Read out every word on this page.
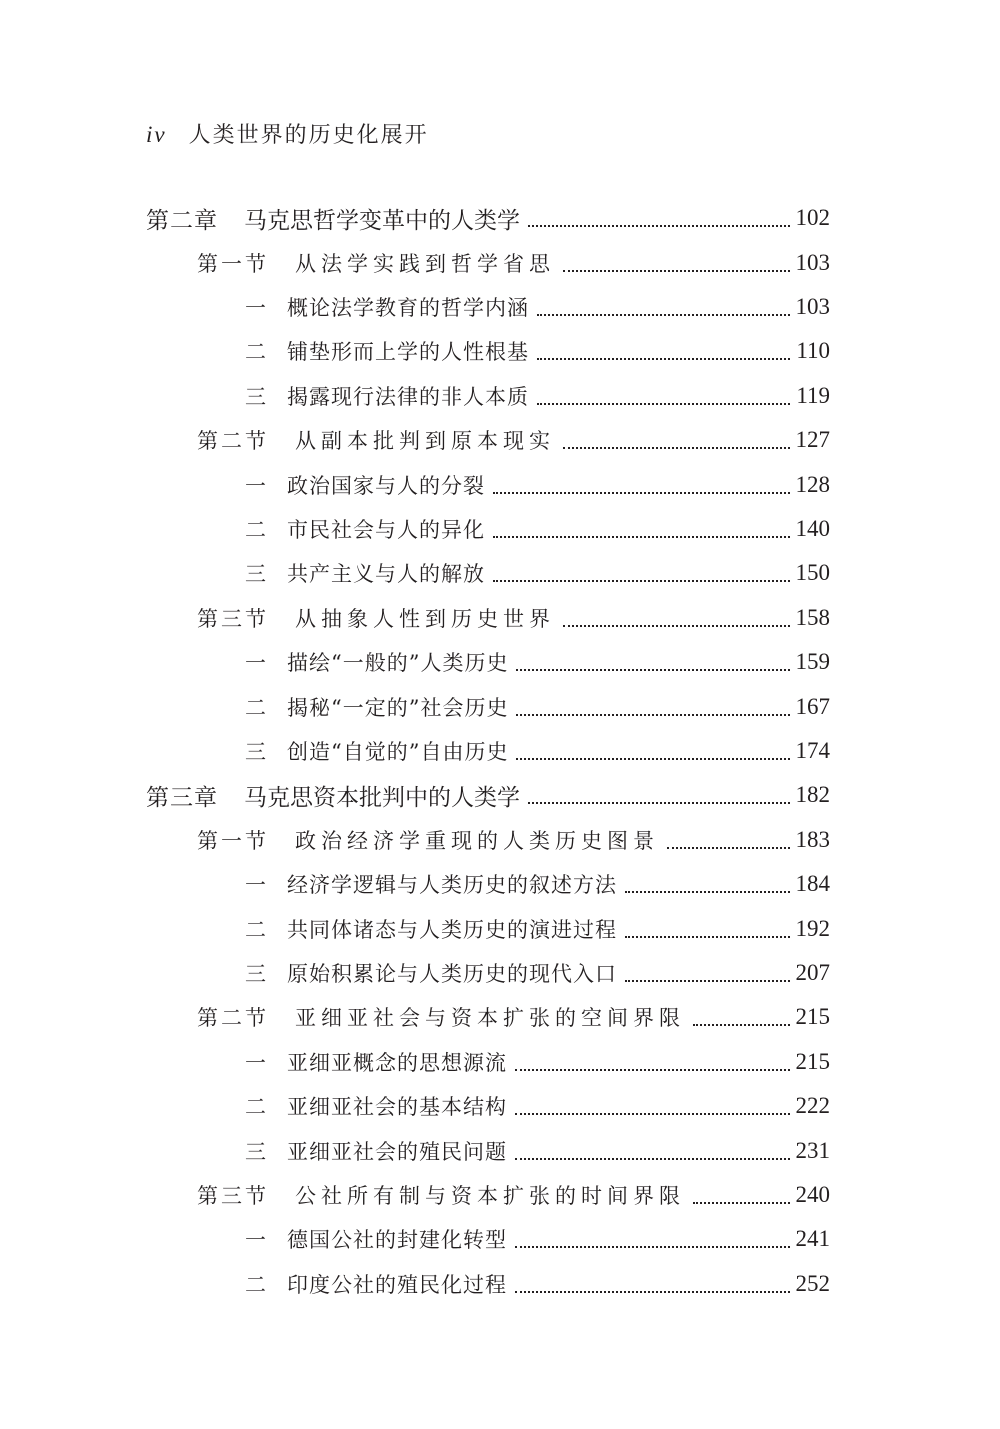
iv 人类世界的历史化展开
第二章	马克思哲学变革中的人类学	102
第一节	从法学实践到哲学省思	103
一 概论法学教育的哲学内涵	103
二 铺垫形而上学的人性根基	110
三 揭露现行法律的非人本质	119
第二节	从副本批判到原本现实	127
一 政治国家与人的分裂	128
二 市民社会与人的异化	140
三 共产主义与人的解放	150
第三节	从抽象人性到历史世界	158
一 描绘“一般的”人类历史	159
二 揭秘“一定的”社会历史	167
三 创造“自觉的”自由历史	174
第三章	马克思资本批判中的人类学	182
第一节	政治经济学重现的人类历史图景	183
一 经济学逻辑与人类历史的叙述方法	184
二 共同体诸态与人类历史的演进过程	192
三 原始积累论与人类历史的现代入口	207
第二节	亚细亚社会与资本扩张的空间界限	215
一 亚细亚概念的思想源流	215
二 亚细亚社会的基本结构	222
三 亚细亚社会的殖民问题	231
第三节	公社所有制与资本扩张的时间界限	240
一 德国公社的封建化转型	241
二 印度公社的殖民化过程	252
